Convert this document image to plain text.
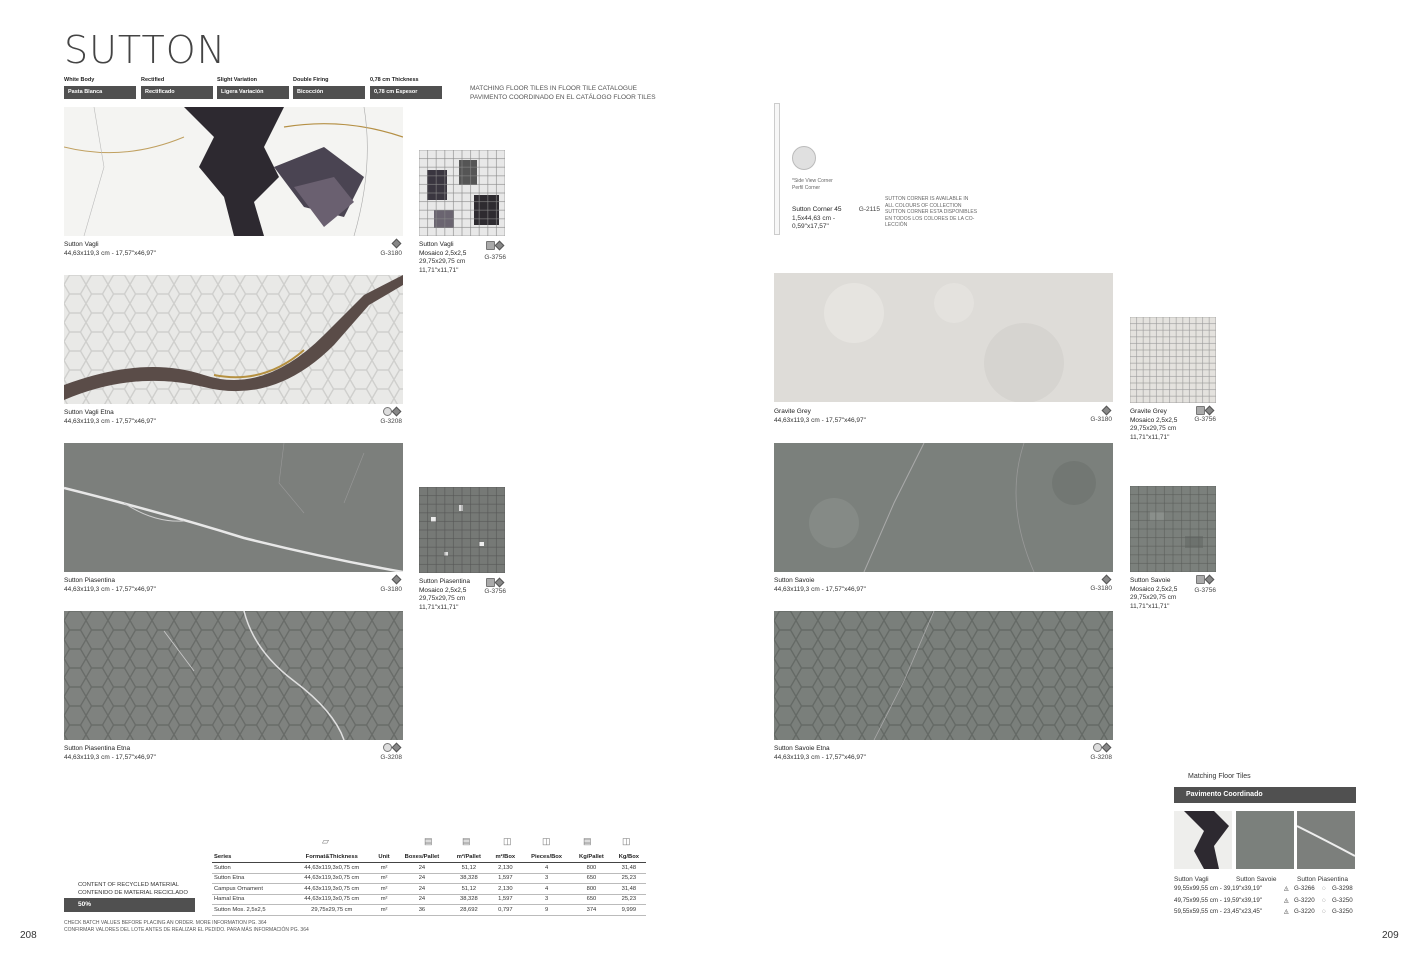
SUTTON
White Body
Pasta Blanca
Rectified
Rectificado
Slight Variation
Ligera Variación
Double Firing
Bicocción
0,78 cm Thickness
0,78 cm Espesor	MATCHING FLOOR TILES IN FLOOR TILE CATALOGUE
PAVIMENTO COORDINADO EN EL CATÁLOGO FLOOR TILES
Sutton Vagli
44,63x119,3 cm - 17,57"x46,97"	G-3180
Sutton Vagli Etna
44,63x119,3 cm - 17,57"x46,97"	G-3208
Sutton Piasentina
44,63x119,3 cm - 17,57"x46,97"	G-3180
Sutton Piasentina Etna
44,63x119,3 cm - 17,57"x46,97"	G-3208
Sutton Vagli
Mosaico 2,5x2,5
29,75x29,75 cm
11,71"x11,71"
G-3756
Sutton Piasentina
Mosaico 2,5x2,5
29,75x29,75 cm
11,71"x11,71"
G-3756
*Side View Corner
Perfil Corner
Sutton Corner 45
1,5x44,63 cm -
0,59"x17,57"
G-2115
SUTTON CORNER IS AVAILABLE IN
ALL COLOURS OF COLLECTION
SUTTON CORNER ESTA DISPONIBLES
EN TODOS LOS COLORES DE LA CO-
LECCIÓN
Gravite Grey
44,63x119,3 cm - 17,57"x46,97"	G-3180
Sutton Savoie
44,63x119,3 cm - 17,57"x46,97"	G-3180
Sutton Savoie Etna
44,63x119,3 cm - 17,57"x46,97"	G-3208
Gravite Grey
Mosaico 2,5x2,5
29,75x29,75 cm
11,71"x11,71"
G-3756
Sutton Savoie
Mosaico 2,5x2,5
29,75x29,75 cm
11,71"x11,71"
G-3756
▱	▤	▤	◫	◫	▤	◫
Series	Format&Thickness	Unit	Boxes/Pallet	m²/Pallet	m²/Box	Pieces/Box	Kg/Pallet	Kg/Box
Sutton	44,63x119,3x0,75 cm	m²	24	51,12	2,130	4	800	31,48
Sutton Etna	44,63x119,3x0,75 cm	m²	24	38,328	1,597	3	650	25,23
Campus Ornament	44,63x119,3x0,75 cm	m²	24	51,12	2,130	4	800	31,48
Hamal Etna	44,63x119,3x0,75 cm	m²	24	38,328	1,597	3	650	25,23
Sutton Mos. 2,5x2,5	29,75x29,75 cm	m²	36	28,692	0,797	9	374	9,999
CONTENT OF RECYCLED MATERIAL
CONTENIDO DE MATERIAL RECICLADO
50%
CHECK BATCH VALUES BEFORE PLACING AN ORDER. MORE INFORMATION PG. 364
CONFIRMAR VALORES DEL LOTE ANTES DE REALIZAR EL PEDIDO. PARA MÁS INFORMACIÓN PG. 364
Matching Floor Tiles
Pavimento Coordinado
Sutton Vagli	Sutton Savoie	Sutton Piasentina
99,55x99,55 cm - 39,19"x39,19"	◬ G-3266 ◌ G-3298
49,75x99,55 cm - 19,59"x39,19"	◬ G-3220 ◌ G-3250
59,55x59,55 cm - 23,45"x23,45"	◬ G-3220 ◌ G-3250
208	209
